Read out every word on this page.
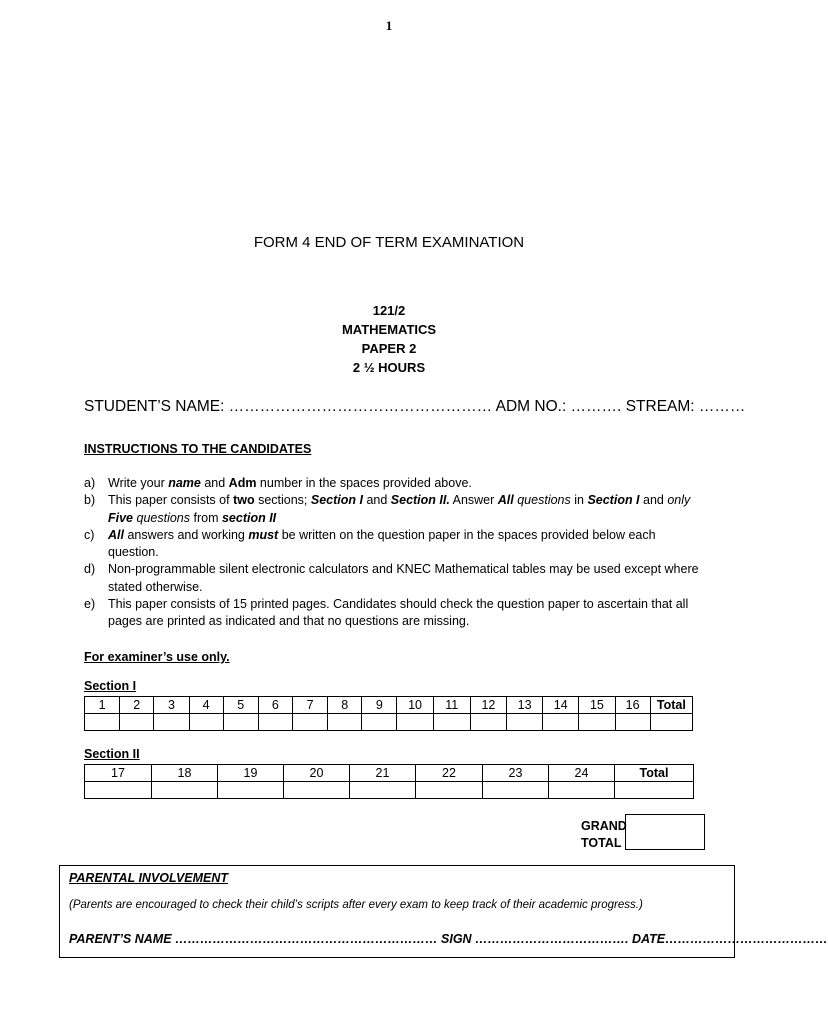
1
FORM 4 END OF TERM EXAMINATION
121/2
MATHEMATICS
PAPER 2
2 ½ HOURS
STUDENT’S NAME: …………………………………………… ADM NO.: ………. STREAM: ………
INSTRUCTIONS TO THE CANDIDATES
a)	Write your name and Adm number in the spaces provided above.
b)	This paper consists of two sections; Section I and Section II. Answer All questions in Section I and only Five questions from section II
c)	All answers and working must be written on the question paper in the spaces provided below each question.
d)	Non-programmable silent electronic calculators and KNEC Mathematical tables may be used except where stated otherwise.
e)	This paper consists of 15 printed pages. Candidates should check the question paper to ascertain that all pages are printed as indicated and that no questions are missing.
For examiner’s use only.
Section I
1	2	3	4	5	6	7	8	9	10	11	12	13	14	15	16	Total

Section II
17	18	19	20	21	22	23	24	Total

GRAND
TOTAL
PARENTAL INVOLVEMENT
(Parents are encouraged to check their child’s scripts after every exam to keep track of their academic progress.)
PARENT’S NAME ……………………………………………………… SIGN ………………………………. DATE…………………………………
